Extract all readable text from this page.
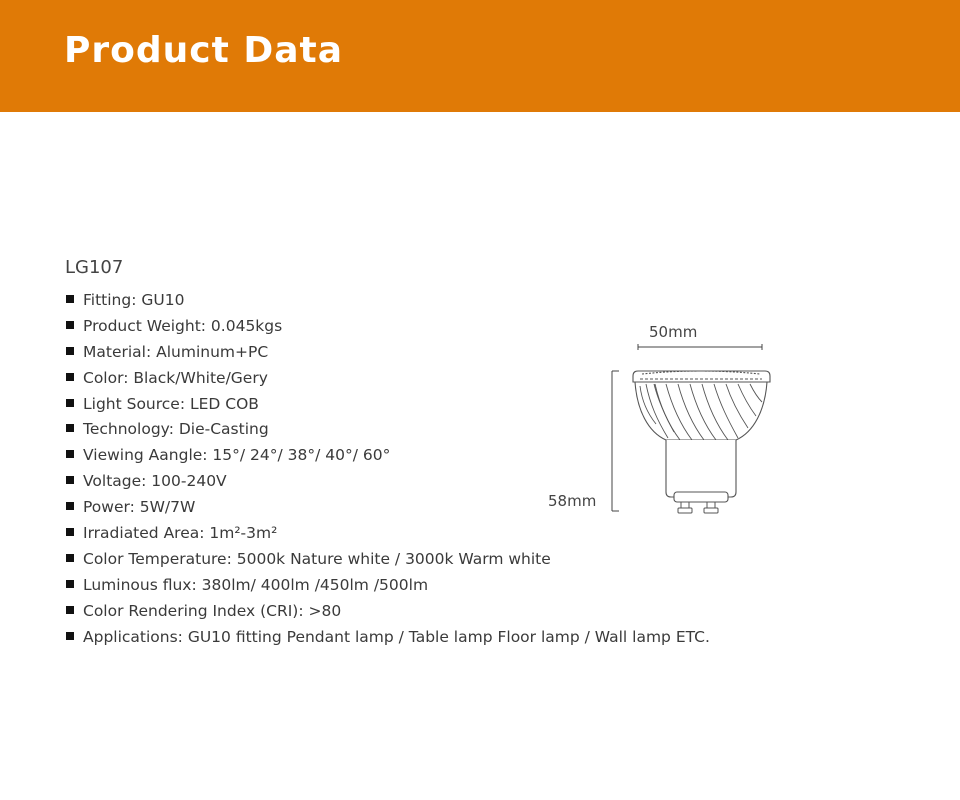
Product Data
LG107
Fitting: GU10
Product Weight: 0.045kgs
Material: Aluminum+PC
Color: Black/White/Gery
Light Source: LED COB
Technology: Die-Casting
Viewing Aangle: 15°/ 24°/ 38°/ 40°/ 60°
Voltage: 100-240V
Power: 5W/7W
Irradiated Area: 1m²-3m²
Color Temperature: 5000k Nature white / 3000k Warm white
Luminous flux: 380lm/ 400lm /450lm /500lm
Color Rendering Index (CRI): >80
Applications: GU10 fitting Pendant lamp / Table lamp Floor lamp / Wall lamp ETC.
50mm
58mm
